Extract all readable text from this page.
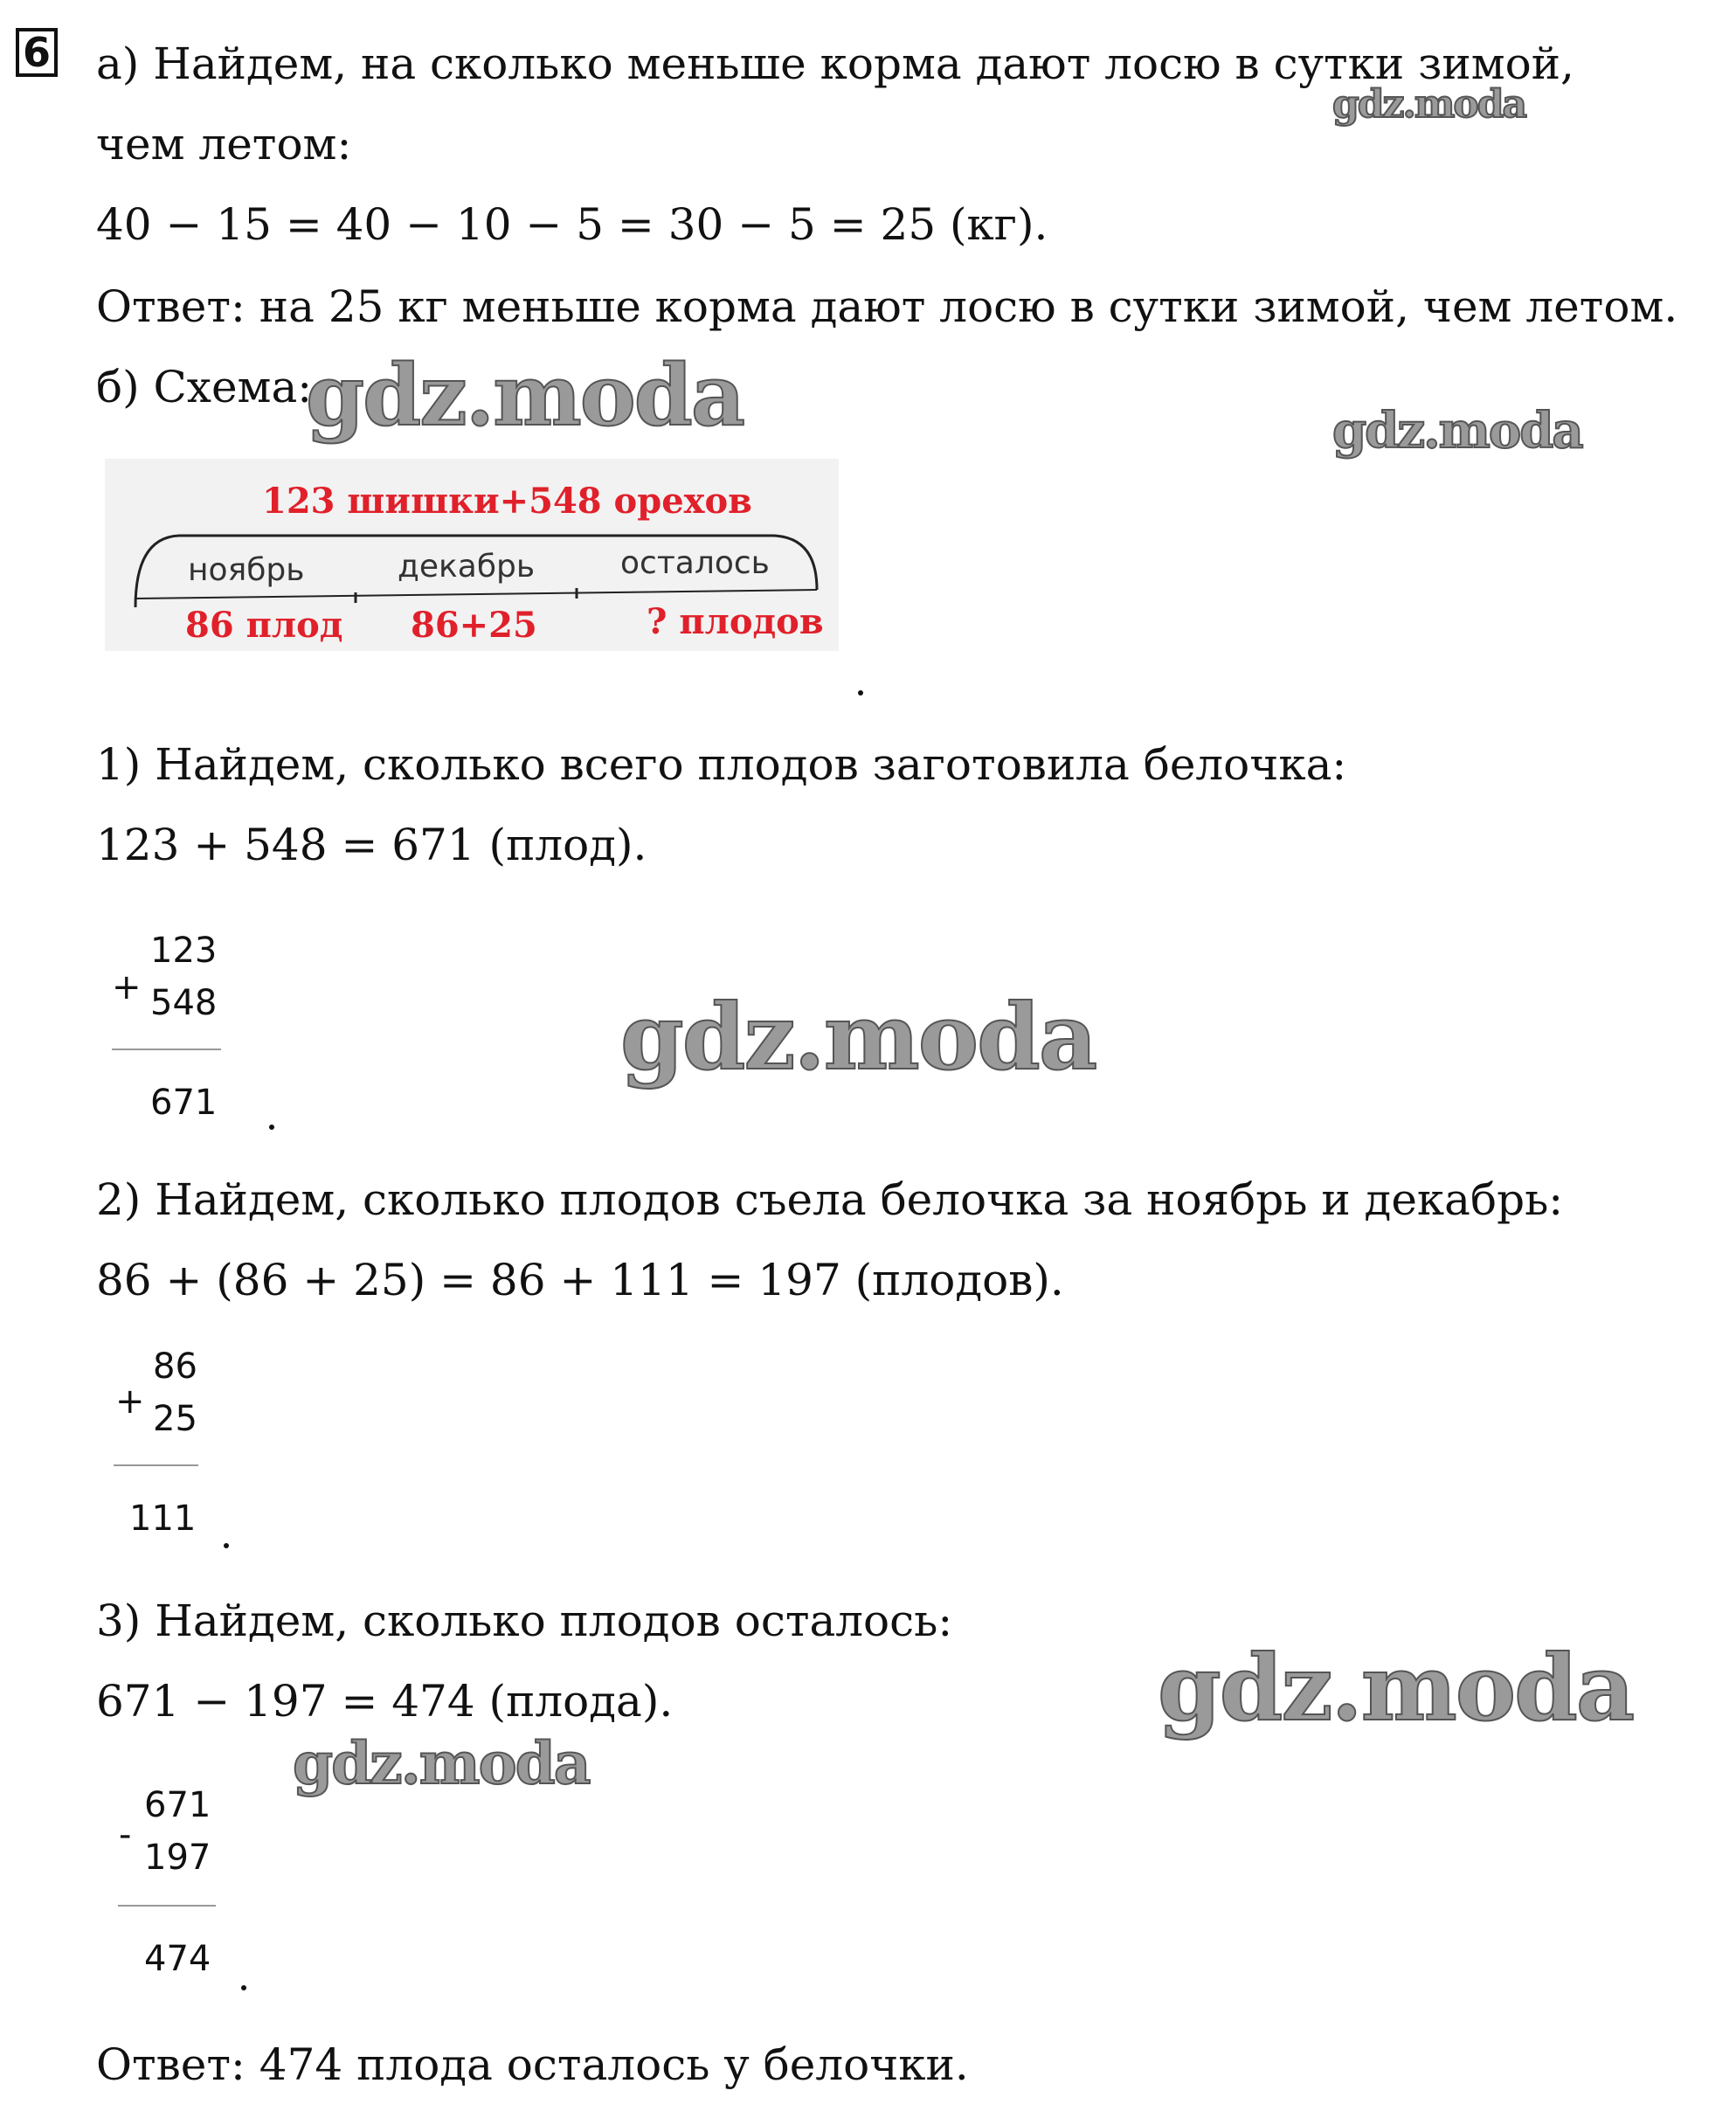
6 а) Найдем, на сколько меньше корма дают лосю в сутки зимой,
чем летом:
40 − 15 = 40 − 10 − 5 = 30 − 5 = 25 (кг).
Ответ: на 25 кг меньше корма дают лосю в сутки зимой, чем летом.
б) Схема:
123 шишки+548 орехов
ноябрь	декабрь	осталось
86 плод 86+25	? плодов
1) Найдем, сколько всего плодов заготовила белочка:
123 + 548 = 671 (плод).
+
123
548
671
2) Найдем, сколько плодов съела белочка за ноябрь и декабрь:
86 + (86 + 25) = 86 + 111 = 197 (плодов).
+
86
25
111
3) Найдем, сколько плодов осталось:
671 − 197 = 474 (плода).
-
671
197
474
Ответ: 474 плода осталось у белочки.
gdz.moda
gdz.moda	gdz.moda
gdz.moda
gdz.moda
gdz.moda
